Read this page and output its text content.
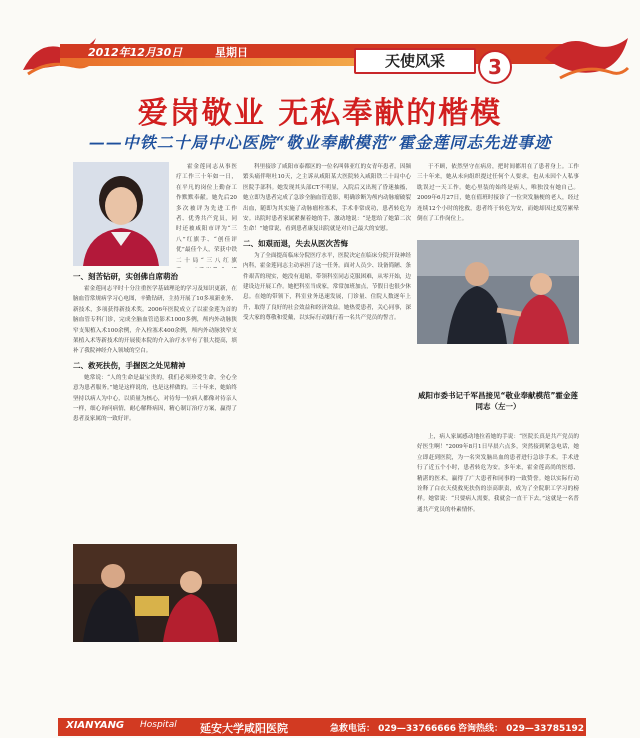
2012年12月30日	星期日	天使风采	3
爱岗敬业 无私奉献的楷模
——中铁二十局中心医院“敬业奉献模范”霍金莲同志先进事迹

霍金莲同志从事医疗工作三十年如一日，在平凡的岗位上勤奋工作默默奉献。她先后20多次被评为先进工作者、优秀共产党员，同时还被咸阳市评为“三八”红旗手、“创佳评优”最佳个人，荣获中铁二十局“三八红旗

一、刻苦钻研，实创佛自席萌治

霍金莲同志平时十分注重医学基础理论的学习及知识更新，在脑血管常规病学习心电图，辛勤钻研，主持开展了10多项新业务、新技术，多项获得新技术奖。2006年医院成立了以霍金莲为首的脑血管专科门诊，完成全脑血管造影术1000多例，颅内外动脉狭窄支架植入术100余例，介入栓塞术400余例，颅内外动脉狭窄支架植入术等新技术的开展使本院的介入治疗水平有了很大提高，填补了我院神经介入领域的空白。

二、救死扶伤，手握医之处见精神

她常说：“人的生命是最宝贵的，我们必须珍爱生命，全心全意为患者服务。”她是这样说的，也是这样做的。三十年来，她始终坚持以病人为中心，以质量为核心，对待每一位病人都像对待亲人一样，细心询问病情，耐心解释病因，精心制订治疗方案，赢得了患者及家属的一致好评。

科里接诊了咸阳市泰都区的一位名叫韩亚红的女青年患者，因频繁头痛伴呕吐10天，之主诉从咸阳某大医院转入咸阳铁二十局中心医院手部科。她发现其头部CT不明显，入院后又出现了昏迷抽搐，她立即为患者完成了急诊全脑血管造影，明确诊断为颅内动脉瘤破裂出血，随即为其实施了动脉瘤栓塞术，手术非常成功，患者转危为安。出院时患者家属紧握着她的手，激动地说：“是您给了她第二次生命！”她常说，看到患者康复出院就是对自己最大的安慰。

二、如艰而退，失去从医次苦悔

为了全面提高临床分院医疗水平，医院决定在临床分院开设神经内科，霍金莲同志主动承担了这一任务。面对人员少、设备简陋、条件艰苦的现实，她没有退缩，带领科室同志克服困难，从零开始，边建设边开展工作。她把科室当成家，常常加班加点，节假日也很少休息。在她的带领下，科室业务迅速发展，门诊量、住院人数逐年上升，取得了良好的社会效益和经济效益。她热爱患者，关心同事，深受大家的尊敬和爱戴，以实际行动践行着一名共产党员的誓言。

于不顾，依然坚守在病房，把时间都用在了患者身上。工作三十年来，她从未向组织提过任何个人要求，也从未因个人私事耽误过一天工作。她心里装的始终是病人，唯独没有她自己。2009年6月27日，她在值班时接诊了一位突发脑梗的老人，经过连续12个小时的抢救，患者终于转危为安，而她却因过度劳累晕倒在了工作岗位上。

咸阳市委书记千军昌接见“敬业奉献模范”霍金莲同志（左一）

上，病人家属感动地拉着她的手说：“医院长真是共产党员的好医生啊！”2009年8月1日早晨六点多，突然接到紧急电话，她立即赶到医院，为一名突发脑出血的患者进行急诊手术。手术进行了近五个小时，患者转危为安。多年来，霍金莲高尚的医德、精湛的医术，赢得了广大患者和同事的一致赞誉。她以实际行动诠释了白衣天使救死扶伤的崇高职责，成为了全院职工学习的榜样。她常说：“只要病人需要，我就会一直干下去。”这就是一名普通共产党员的朴素情怀。

XIANYANG Hospital 延安大学咸阳医院	急救电话： 029—33766666 咨询热线： 029—33785192
